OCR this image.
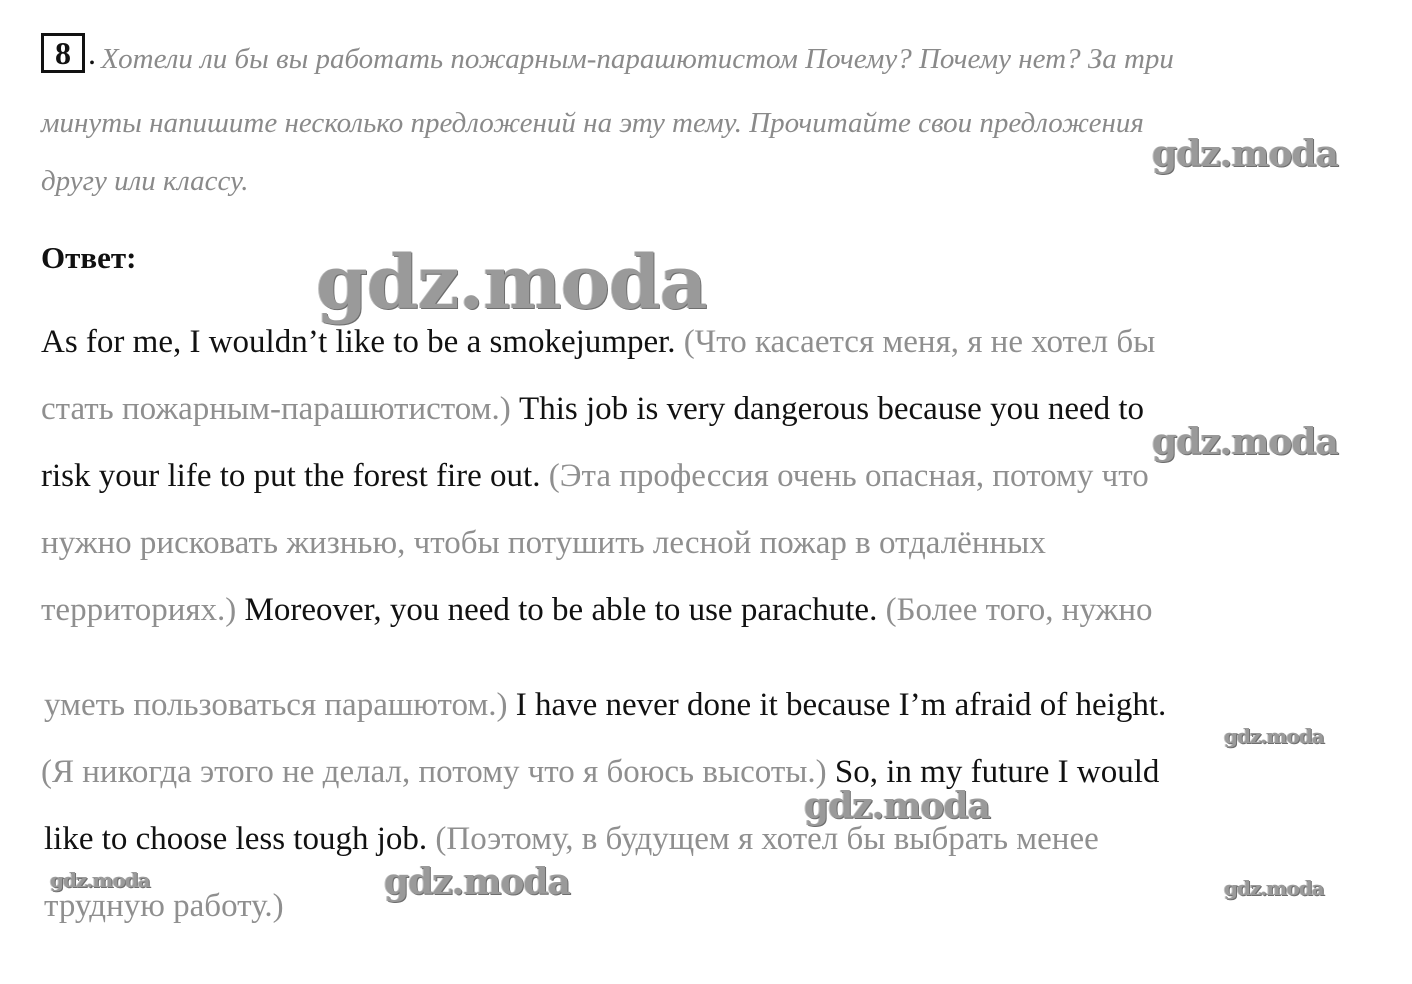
8 . Хотели ли бы вы работать пожарным-парашютистом Почему? Почему нет? За три
минуты напишите несколько предложений на эту тему. Прочитайте свои предложения
другу или классу.
Ответ:
As for me, I wouldn’t like to be a smokejumper. (Что касается меня, я не хотел бы
стать пожарным-парашютистом.) This job is very dangerous because you need to
risk your life to put the forest fire out. (Эта профессия очень опасная, потому что
нужно рисковать жизнью, чтобы потушить лесной пожар в отдалённых
территориях.) Moreover, you need to be able to use parachute. (Более того, нужно
уметь пользоваться парашютом.) I have never done it because I’m afraid of height.
(Я никогда этого не делал, потому что я боюсь высоты.) So, in my future I would
like to choose less tough job. (Поэтому, в будущем я хотел бы выбрать менее
трудную работу.)
gdz.moda
gdz.moda
gdz.moda
gdz.moda
gdz.moda
gdz.moda
gdz.moda	gdz.moda
